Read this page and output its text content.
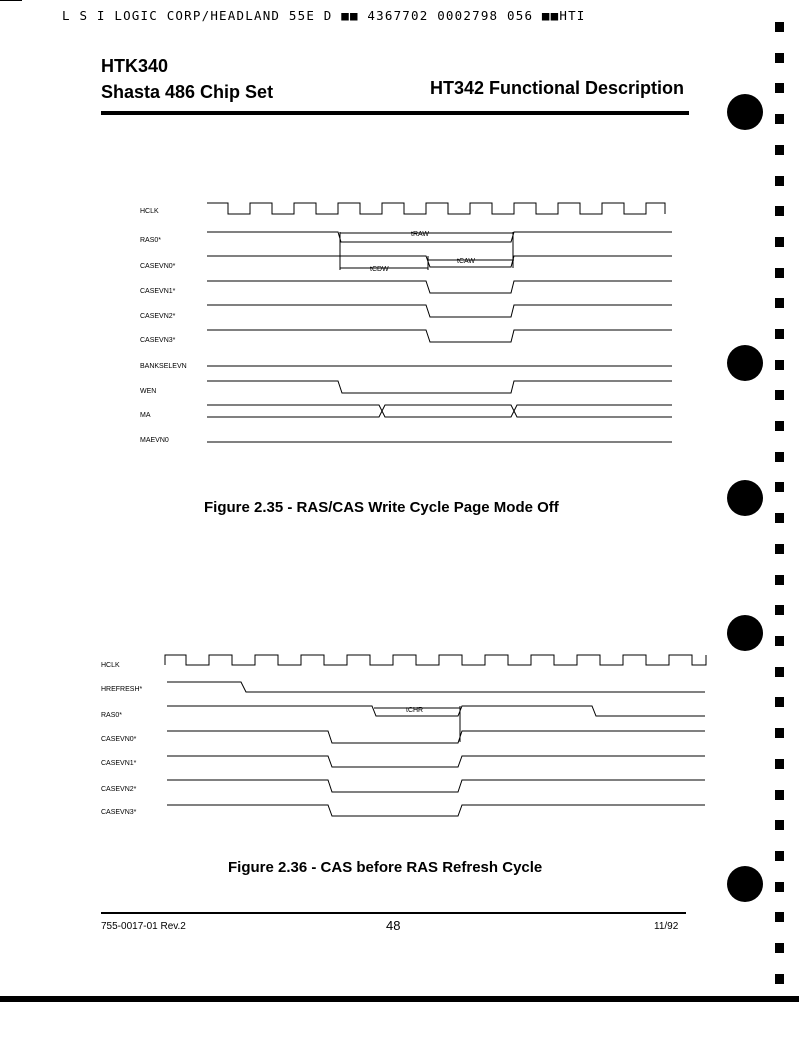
L S I LOGIC CORP/HEADLAND 55E D ■■ 4367702 0002798 056 ■■HTI
HTK340
Shasta 486 Chip Set	HT342 Functional Description
HCLK
RAS0*
CASEVN0*
CASEVN1*
CASEVN2*
CASEVN3*
BANKSELEVN
WEN
MA
MAEVN0
tRAW
tCAW
tCDW
HCLK
HREFRESH*
RAS0*
CASEVN0*
CASEVN1*
CASEVN2*
CASEVN3*
tCHR
Figure 2.35 - RAS/CAS Write Cycle Page Mode Off
Figure 2.36 - CAS before RAS Refresh Cycle
755-0017-01 Rev.2	48	11/92
